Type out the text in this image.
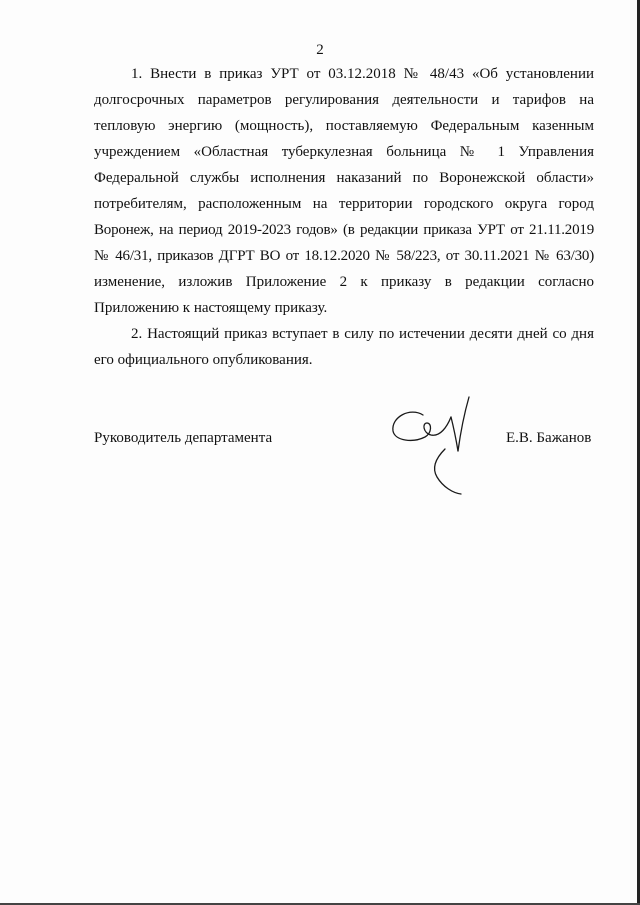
2
1. Внести в приказ УРТ от 03.12.2018 № 48/43 «Об установлении
долгосрочных параметров регулирования деятельности и тарифов на
тепловую энергию (мощность), поставляемую Федеральным казенным
учреждением «Областная туберкулезная больница № 1 Управления
Федеральной службы исполнения наказаний по Воронежской области»
потребителям, расположенным на территории городского округа город
Воронеж, на период 2019-2023 годов» (в редакции приказа УРТ от 21.11.2019
№ 46/31, приказов ДГРТ ВО от 18.12.2020 № 58/223, от 30.11.2021 № 63/30)
изменение, изложив Приложение 2 к приказу в редакции согласно
Приложению к настоящему приказу.
2. Настоящий приказ вступает в силу по истечении десяти дней со дня
его официального опубликования.
Руководитель департамента	Е.В. Бажанов
